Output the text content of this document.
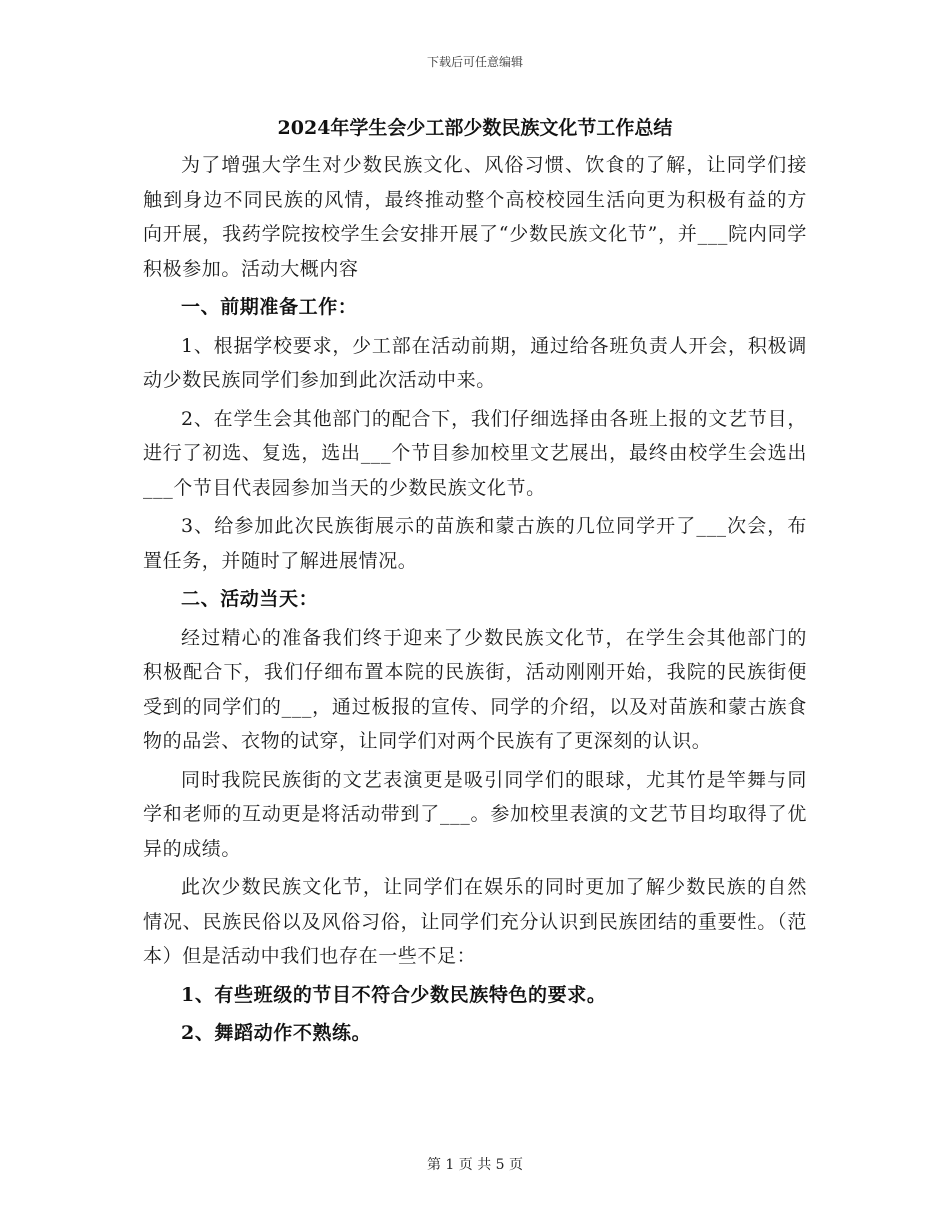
下载后可任意编辑
2024年学生会少工部少数民族文化节工作总结

为了增强大学生对少数民族文化、风俗习惯、饮食的了解，让同学们接触到身边不同民族的风情，最终推动整个高校校园生活向更为积极有益的方向开展，我药学院按校学生会安排开展了“少数民族文化节”，并___院内同学积极参加。活动大概内容

一、前期准备工作：

1、根据学校要求，少工部在活动前期，通过给各班负责人开会，积极调动少数民族同学们参加到此次活动中来。

2、在学生会其他部门的配合下，我们仔细选择由各班上报的文艺节目，进行了初选、复选，选出___个节目参加校里文艺展出，最终由校学生会选出___个节目代表园参加当天的少数民族文化节。

3、给参加此次民族街展示的苗族和蒙古族的几位同学开了___次会，布置任务，并随时了解进展情况。

二、活动当天：

经过精心的准备我们终于迎来了少数民族文化节，在学生会其他部门的积极配合下，我们仔细布置本院的民族街，活动刚刚开始，我院的民族街便受到的同学们的___，通过板报的宣传、同学的介绍，以及对苗族和蒙古族食物的品尝、衣物的试穿，让同学们对两个民族有了更深刻的认识。

同时我院民族街的文艺表演更是吸引同学们的眼球，尤其竹是竿舞与同学和老师的互动更是将活动带到了___。参加校里表演的文艺节目均取得了优异的成绩。

此次少数民族文化节，让同学们在娱乐的同时更加了解少数民族的自然情况、民族民俗以及风俗习俗，让同学们充分认识到民族团结的重要性。（范本）但是活动中我们也存在一些不足：

1、有些班级的节目不符合少数民族特色的要求。

2、舞蹈动作不熟练。

第 1 页 共 5 页
